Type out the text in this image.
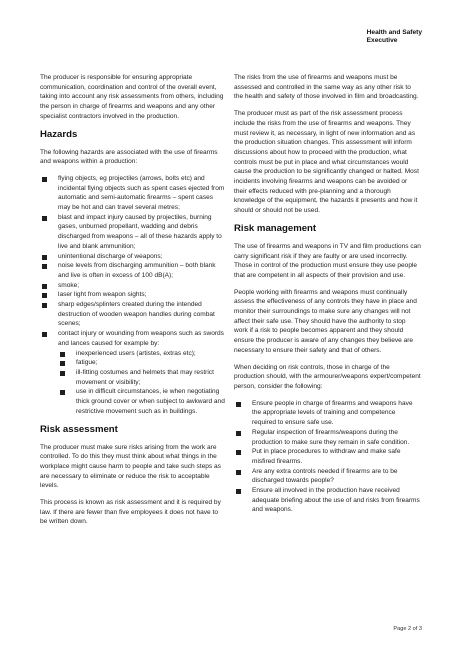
Health and Safety
Executive

The producer is responsible for ensuring appropriate communication, coordination and control of the overall event, taking into account any risk assessments from others, including the person in charge of firearms and weapons and any other specialist contractors involved in the production.

Hazards

The following hazards are associated with the use of firearms and weapons within a production:

flying objects, eg projectiles (arrows, bolts etc) and incidental flying objects such as spent cases ejected from automatic and semi-automatic firearms – spent cases may be hot and can travel several metres;
blast and impact injury caused by projectiles, burning gases, unburned propellant, wadding and debris discharged from weapons – all of these hazards apply to live and blank ammunition;
unintentional discharge of weapons;
noise levels from discharging ammunition – both blank and live is often in excess of 100 dB(A);
smoke;
laser light from weapon sights;
sharp edges/splinters created during the intended destruction of wooden weapon handles during combat scenes;
contact injury or wounding from weapons such as swords and lances caused for example by:
inexperienced users (artistes, extras etc);
fatigue;
ill-fitting costumes and helmets that may restrict movement or visibility;
use in difficult circumstances, ie when negotiating thick ground cover or when subject to awkward and restrictive movement such as in buildings.
Risk assessment

The producer must make sure risks arising from the work are controlled. To do this they must think about what things in the workplace might cause harm to people and take such steps as are necessary to eliminate or reduce the risk to acceptable levels.

This process is known as risk assessment and it is required by law. If there are fewer than five employees it does not have to be written down.

The risks from the use of firearms and weapons must be assessed and controlled in the same way as any other risk to the health and safety of those involved in film and broadcasting.

The producer must as part of the risk assessment process include the risks from the use of firearms and weapons. They must review it, as necessary, in light of new information and as the production situation changes. This assessment will inform discussions about how to proceed with the production, what controls must be put in place and what circumstances would cause the production to be significantly changed or halted. Most incidents involving firearms and weapons can be avoided or their effects reduced with pre-planning and a thorough knowledge of the equipment, the hazards it presents and how it should or should not be used.

Risk management

The use of firearms and weapons in TV and film productions can carry significant risk if they are faulty or are used incorrectly. Those in control of the production must ensure they use people that are competent in all aspects of their provision and use.

People working with firearms and weapons must continually assess the effectiveness of any controls they have in place and monitor their surroundings to make sure any changes will not affect their safe use. They should have the authority to stop work if a risk to people becomes apparent and they should ensure the producer is aware of any changes they believe are necessary to ensure their safety and that of others.

When deciding on risk controls, those in charge of the production should, with the armourer/weapons expert/competent person, consider the following:

Ensure people in charge of firearms and weapons have the appropriate levels of training and competence required to ensure safe use.
Regular inspection of firearms/weapons during the production to make sure they remain in safe condition.
Put in place procedures to withdraw and make safe misfired firearms.
Are any extra controls needed if firearms are to be discharged towards people?
Ensure all involved in the production have received adequate briefing about the use of and risks from firearms and weapons.
Page 2 of 3
